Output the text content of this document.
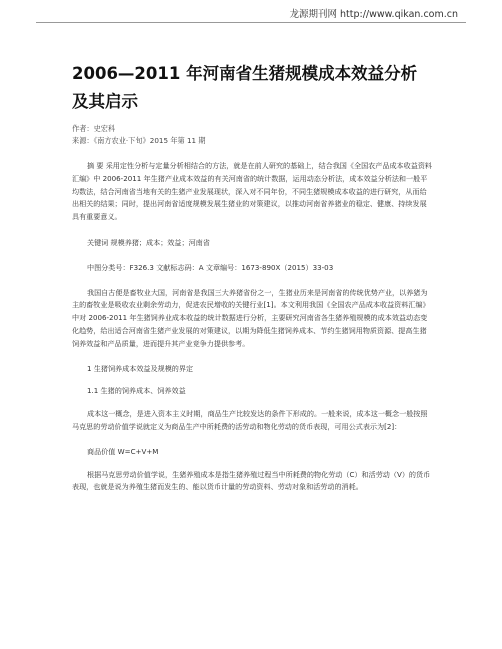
龙源期刊网 http://www.qikan.com.cn
2006—2011 年河南省生猪规模成本效益分析及其启示
作者：史宏科
来源：《南方农业·下旬》2015 年第 11 期

摘 要 采用定性分析与定量分析相结合的方法，就是在前人研究的基础上，结合我国《全国农产品成本收益资料汇编》中 2006-2011 年生猪产业成本效益的有关河南省的统计数据，运用动态分析法，成本效益分析法和一般平均数法，结合河南省当地有关的生猪产业发展现状，深入对不同年份，不同生猪规模成本收益的进行研究，从而给出相关的结果；同时，提出河南省适度规模发展生猪业的对策建议，以推动河南省养猪业的稳定、健康、持续发展具有重要意义。

关键词 规模养猪；成本；效益；河南省

中图分类号：F326.3 文献标志码：A 文章编号：1673-890X（2015）33-03

我国自古便是畜牧业大国，河南省是我国三大养猪省份之一，生猪业历来是河南省的传统优势产业，以养猪为主的畜牧业是吸收农业剩余劳动力，促进农民增收的关键行业[1]。本文利用我国《全国农产品成本收益资料汇编》中对 2006-2011 年生猪饲养业成本收益的统计数据进行分析，主要研究河南省各生猪养殖规模的成本效益动态变化趋势，给出适合河南省生猪产业发展的对策建议，以期为降低生猪饲养成本、节约生猪饲用物质资源、提高生猪饲养效益和产品质量，进而提升其产业竞争力提供参考。

1 生猪饲养成本效益及规模的界定

1.1 生猪的饲养成本、饲养效益

成本这一概念，是进入资本主义时期，商品生产比较发达的条件下形成的。一般来说，成本这一概念一般按照马克思的劳动价值学说就定义为商品生产中所耗费的活劳动和物化劳动的货币表现，可用公式表示为[2]：

商品价值 W=C+V+M

根据马克思劳动价值学说，生猪养殖成本是指生猪养殖过程当中所耗费的物化劳动（C）和活劳动（V）的货币表现，也就是说为养殖生猪而发生的、能以货币计量的劳动资料、劳动对象和活劳动的消耗。
